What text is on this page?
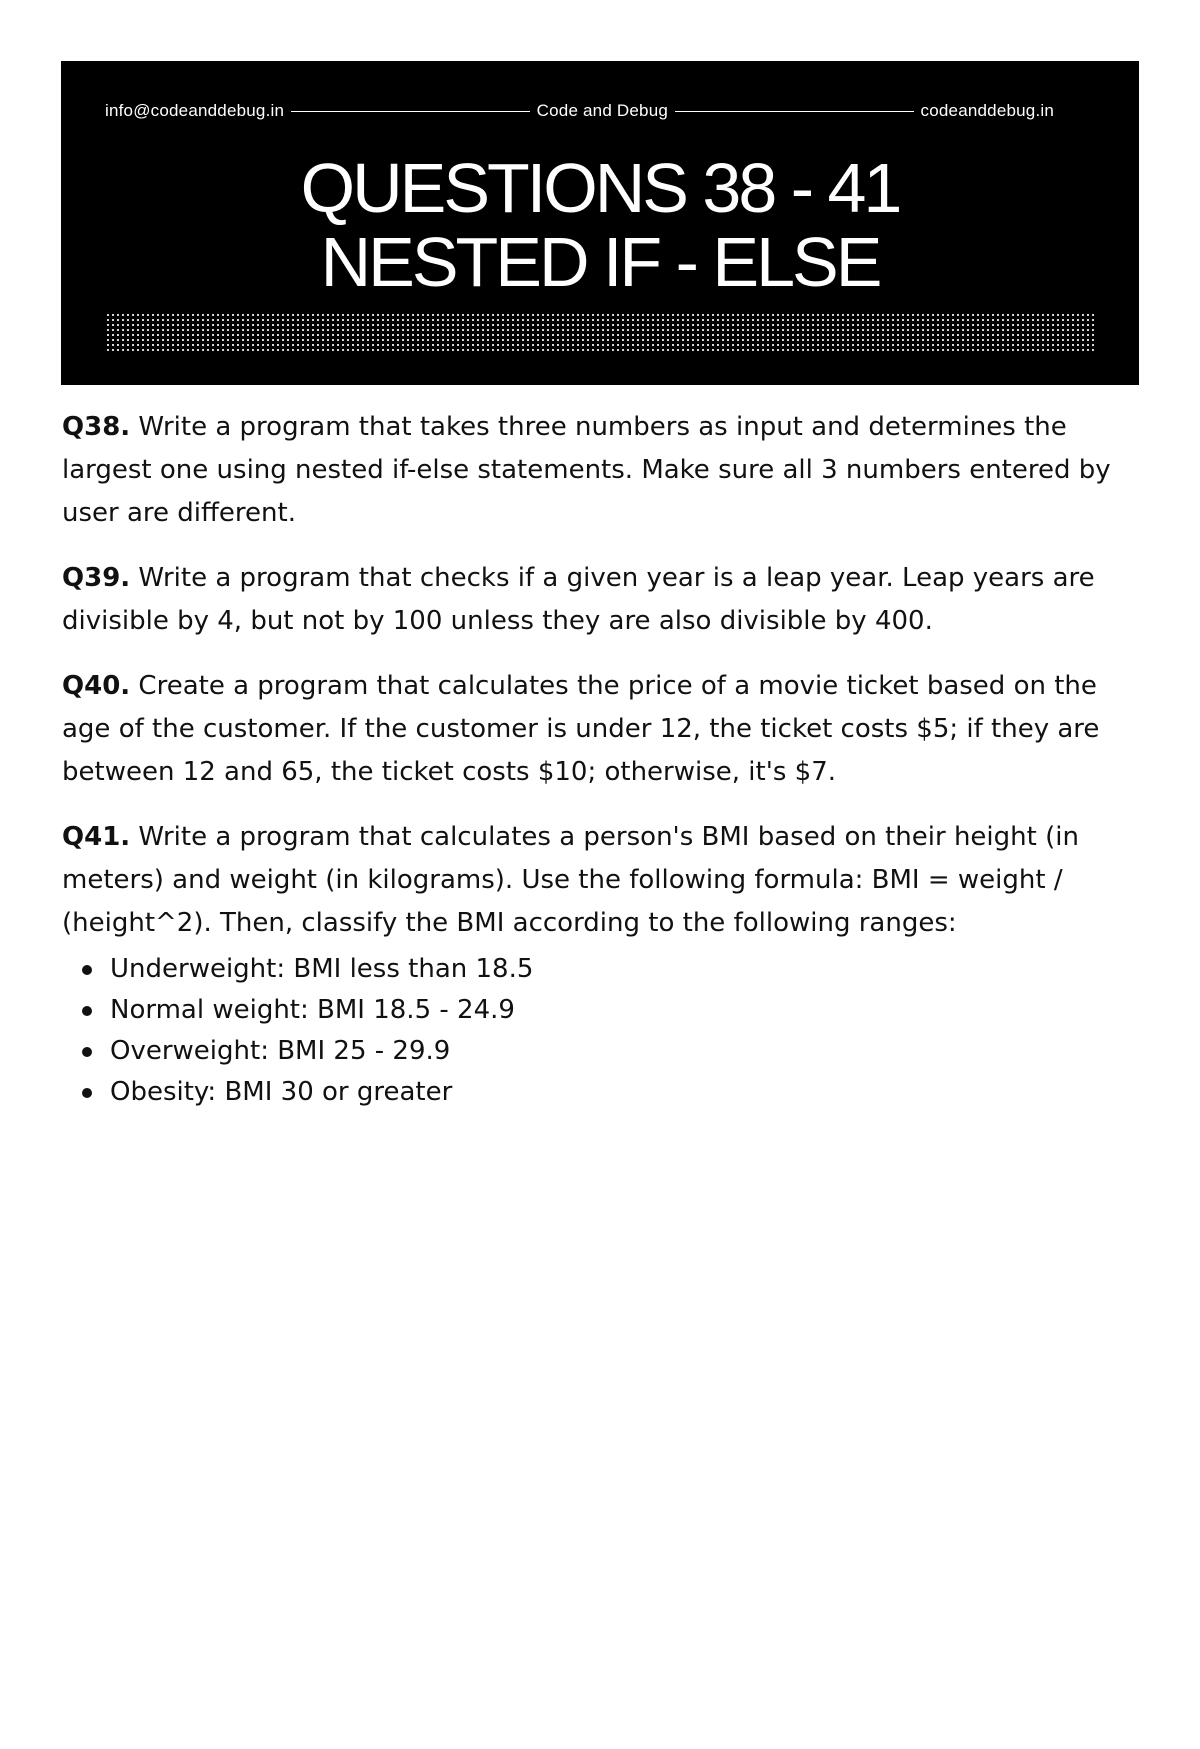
info@codeanddebug.in	Code and Debug	codeanddebug.in
QUESTIONS 38 - 41
NESTED IF - ELSE

Q38. Write a program that takes three numbers as input and determines the largest one using nested if-else statements. Make sure all 3 numbers entered by user are different.

Q39. Write a program that checks if a given year is a leap year. Leap years are divisible by 4, but not by 100 unless they are also divisible by 400.

Q40. Create a program that calculates the price of a movie ticket based on the age of the customer. If the customer is under 12, the ticket costs $5; if they are between 12 and 65, the ticket costs $10; otherwise, it's $7.

Q41. Write a program that calculates a person's BMI based on their height (in meters) and weight (in kilograms). Use the following formula: BMI = weight / (height^2). Then, classify the BMI according to the following ranges:

Underweight: BMI less than 18.5
Normal weight: BMI 18.5 - 24.9
Overweight: BMI 25 - 29.9
Obesity: BMI 30 or greater
